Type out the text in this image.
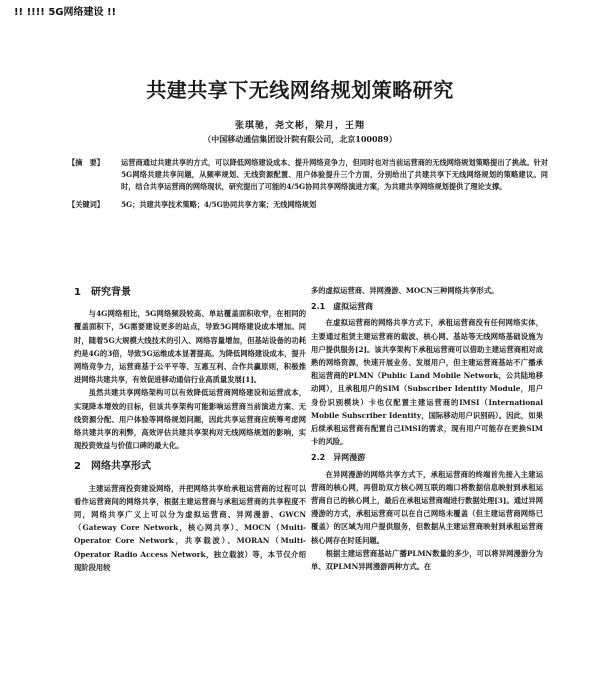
!! !!!! 5G网络建设 !!
共建共享下无线网络规划策略研究
张琪驰，尧文彬，梁月，王翔
（中国移动通信集团设计院有限公司，北京100089）
【摘　要】	运营商通过共建共享的方式，可以降低网络建设成本、提升网络竞争力，但同时也对当前运营商的无线网络规划策略提出了挑战。针对5G网络共建共享问题，从频率规划、无线资源配置、用户体验提升三个方面，分别给出了共建共享下无线网络规划的策略建议。同时，结合共享运营商的网络现状，研究提出了可能的4/5G协同共享网络演进方案，为共建共享网络规划提供了理论支撑。

【关键词】	5G；共建共享技术策略；4/5G协同共享方案；无线网络规划

1　研究背景

与4G网络相比，5G网络频段较高、单站覆盖面积收窄，在相同的覆盖面积下，5G需要建设更多的站点，导致5G网络建设成本增加。同时，随着5G大规模大线技术的引入、网络容量增加，但基站设备的功耗约是4G的3倍，导致5G运维成本显著提高。为降低网络建设成本，提升网络竞争力，运营商基于公平平等、互惠互利、合作共赢原则，积极推进网络共建共享，有效促进移动通信行业高质量发展[1]。

虽然共建共享网络架构可以有效降低运营商网络建设和运营成本，实现降本增效的目标，但该共享架构可能影响运营商当前演进方案、无线资源分配、用户体验等网络规划问题，因此共享运营商应统筹考虑网络共建共享的利弊，高效评估共建共享架构对无线网络规划的影响，实现投资效益与价值口碑的最大化。

2　网络共享形式

主建运营商投资建设网络，并把网络共享给承租运营商的过程可以看作运营商间的网络共享，根据主建运营商与承租运营商的共享程度不同，网络共享广义上可以分为虚拟运营商、异网漫游、GWCN（Gateway Core Network，核心网共享）、MOCN（Multi-Operator Core Network，共享载波）、MORAN（Multi-Operator Radio Access Network，独立载波）等，本节仅介绍现阶段用较

多的虚拟运营商、异网漫游、MOCN三种网络共享形式。

2.1　虚拟运营商

在虚拟运营商的网络共享方式下，承租运营商没有任何网络实体，主要通过租赁主建运营商的载波、核心网、基站等无线网络基础设施为用户提供服务[2]。该共享架构下承租运营商可以借助主建运营商相对成熟的网络资源，快速开展业务、发展用户，但主建运营商基站不广播承租运营商的PLMN（Public Land Mobile Network，公共陆地移动网），且承租用户的SIM（Subscriber Identity Module，用户身份识别模块）卡也仅配置主建运营商的IMSI（International Mobile Subscriber Identity，国际移动用户识别码）。因此，如果后续承租运营商有配置自己IMSI的需求，现有用户可能存在更换SIM卡的风险。

2.2　异网漫游

在异网漫游的网络共享方式下，承租运营商的终端首先接入主建运营商的核心网，再借助双方核心网互联的端口将数据信息映射到承租运营商自己的核心网上，最后在承租运营商端进行数据处理[3]。通过异网漫游的方式，承租运营商可以在自己网络未覆盖（但主建运营商网络已覆盖）的区域为用户提供服务，但数据从主建运营商映射到承租运营商核心网存在时延问题。

根据主建运营商基站广播PLMN数量的多少，可以将异网漫游分为单、双PLMN异网漫游两种方式。在
